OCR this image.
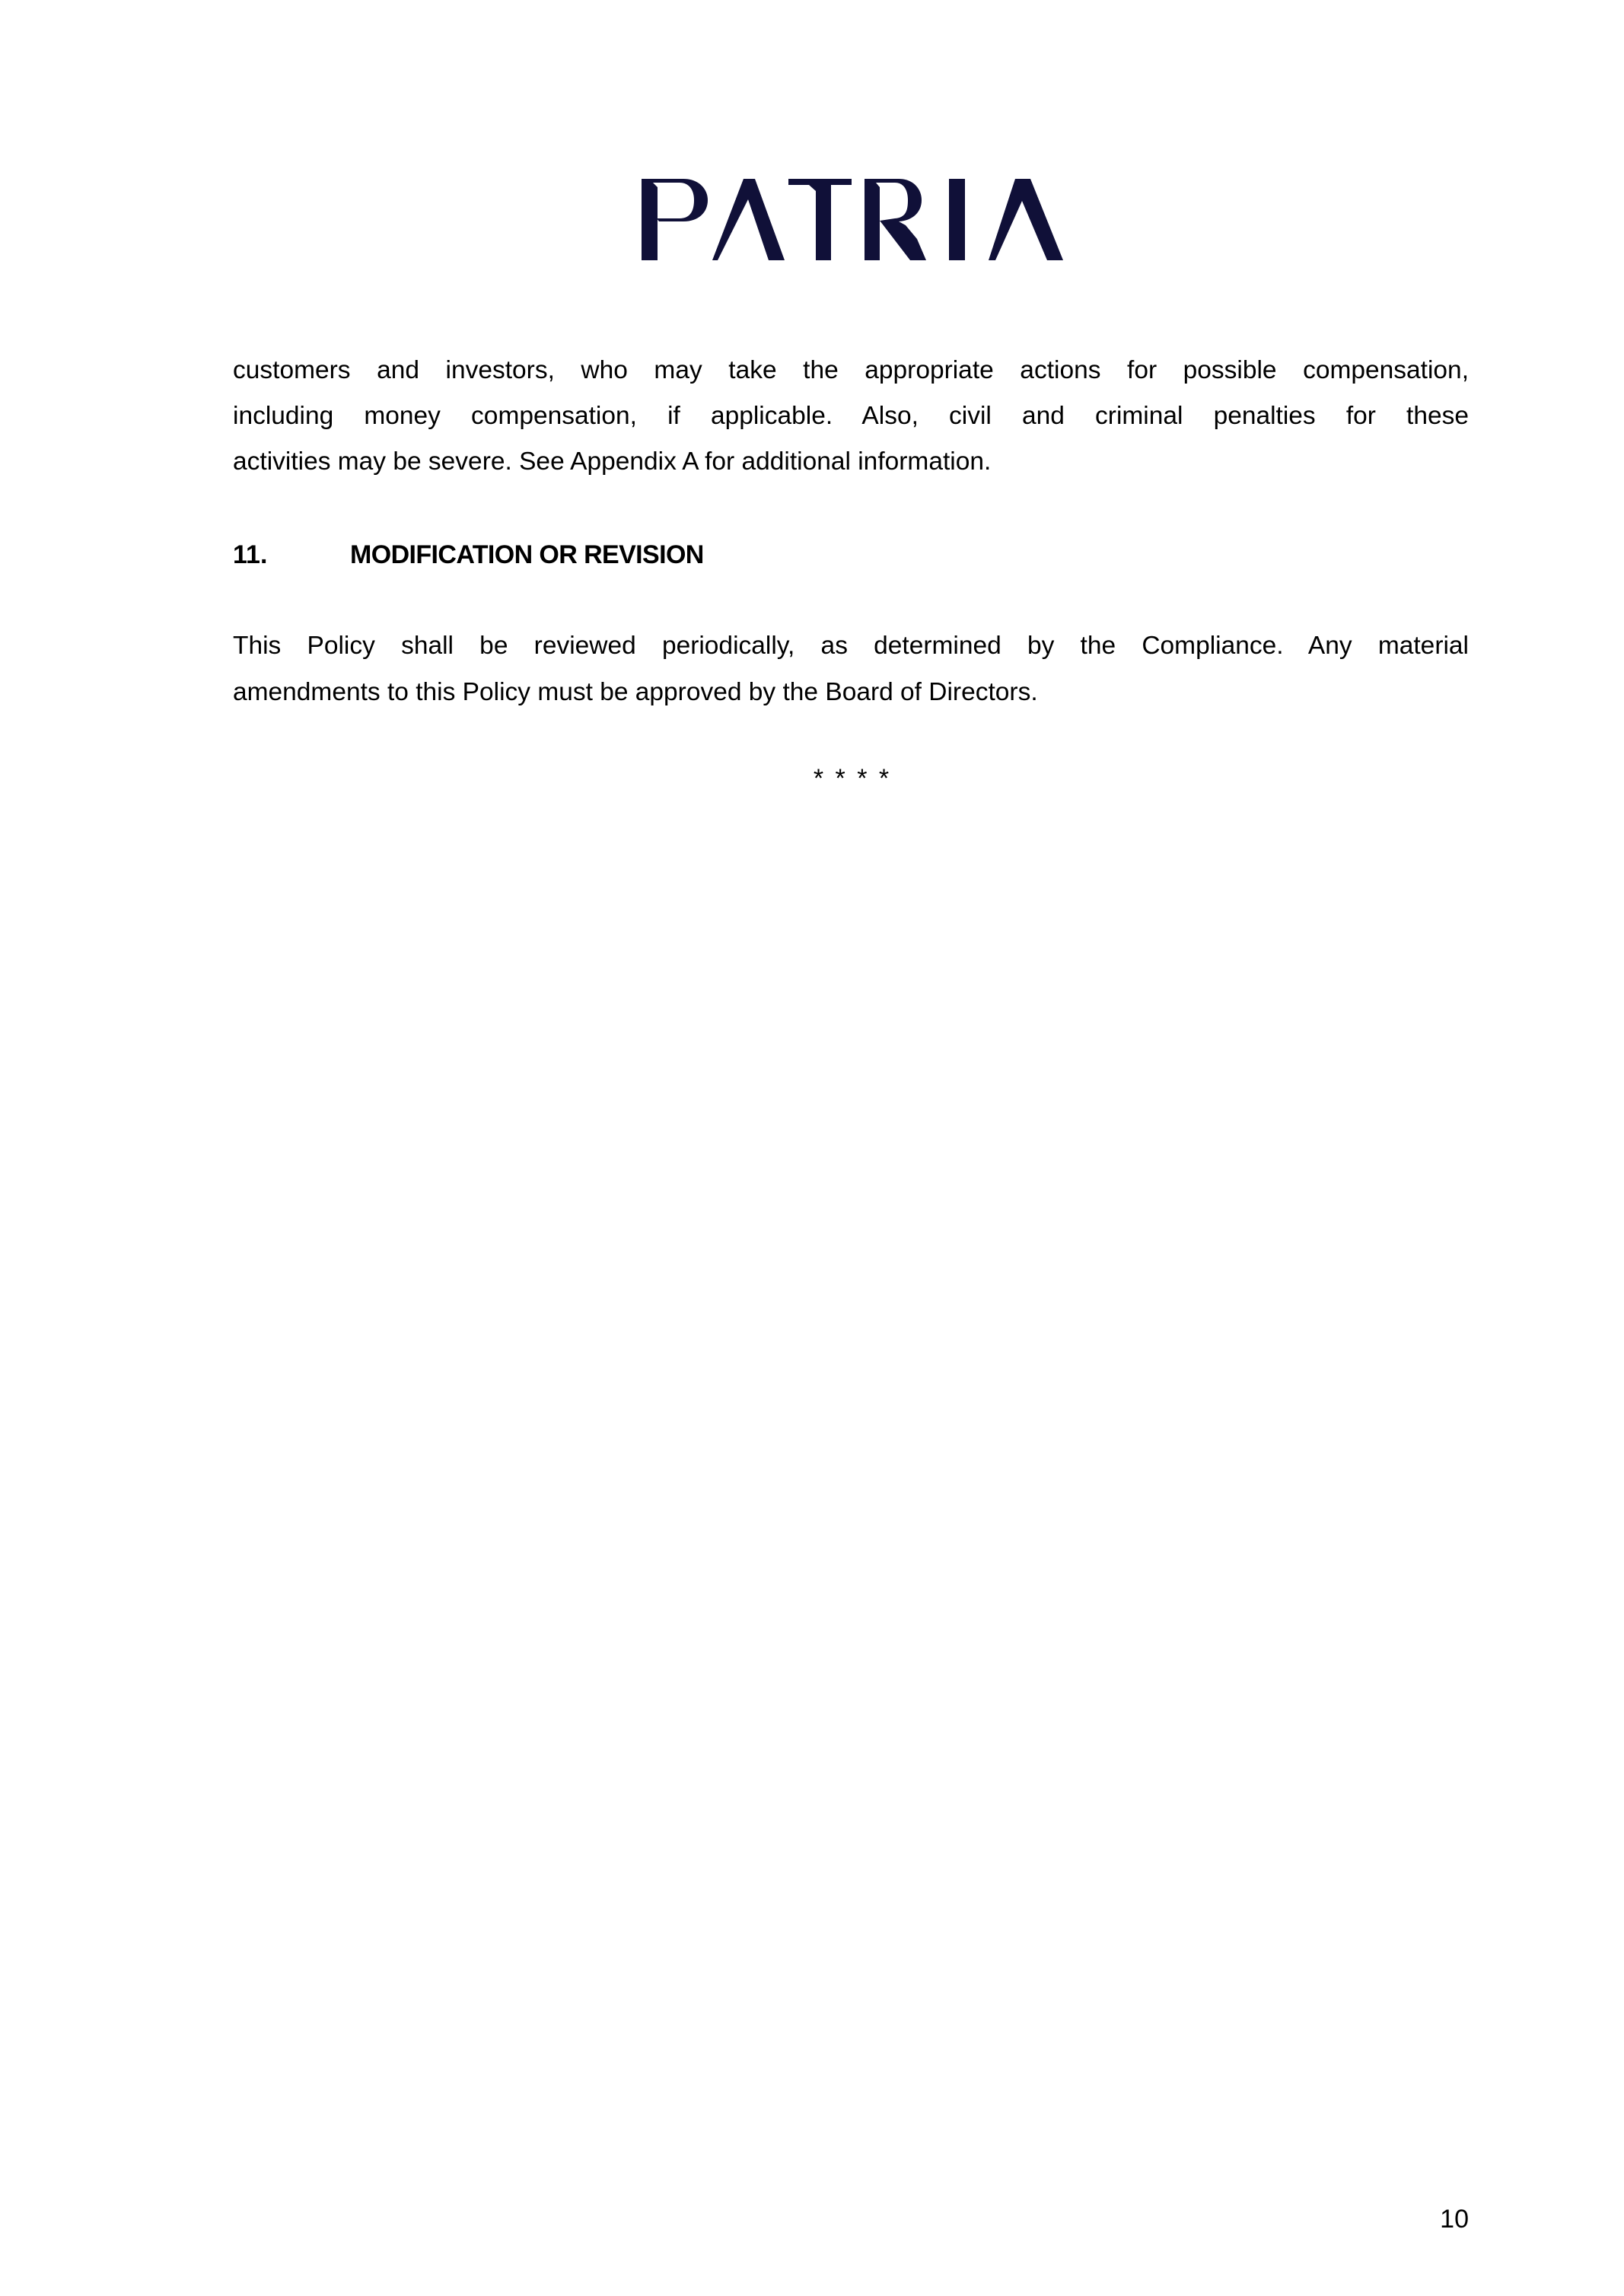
customers and investors, who may take the appropriate actions for possible compensation,
including money compensation, if applicable. Also, civil and criminal penalties for these
activities may be severe. See Appendix A for additional information.
11.	MODIFICATION OR REVISION
This Policy shall be reviewed periodically, as determined by the Compliance. Any material
amendments to this Policy must be approved by the Board of Directors.
* * * *
10
